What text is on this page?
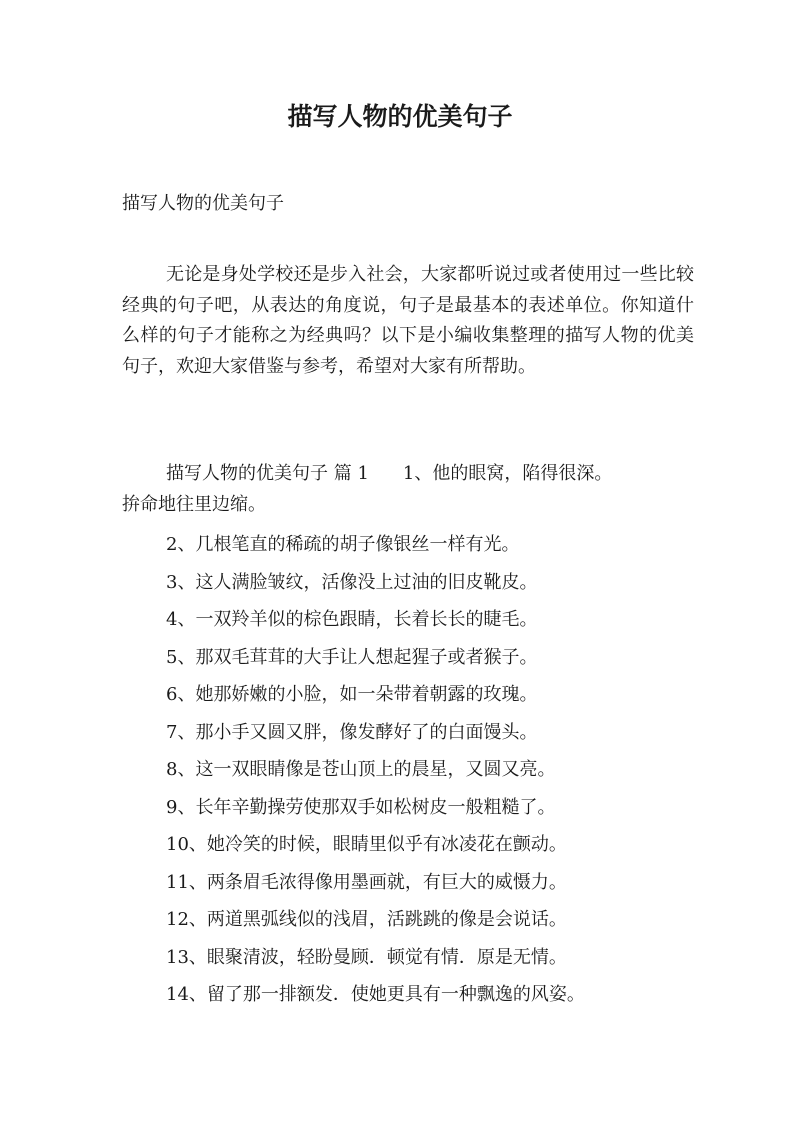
描写人物的优美句子

描写人物的优美句子

无论是身处学校还是步入社会，大家都听说过或者使用过一些比较经典的句子吧，从表达的角度说，句子是最基本的表述单位。你知道什么样的句子才能称之为经典吗？以下是小编收集整理的描写人物的优美句子，欢迎大家借鉴与参考，希望对大家有所帮助。

描写人物的优美句子 篇 1 1、他的眼窝，陷得很深。
拚命地往里边缩。

2、几根笔直的稀疏的胡子像银丝一样有光。
3、这人满脸皱纹，活像没上过油的旧皮靴皮。
4、一双羚羊似的棕色跟睛，长着长长的睫毛。
5、那双毛茸茸的大手让人想起猩子或者猴子。
6、她那娇嫩的小脸，如一朵带着朝露的玫瑰。
7、那小手又圆又胖，像发酵好了的白面馒头。
8、这一双眼睛像是苍山顶上的晨星，又圆又亮。
9、长年辛勤操劳使那双手如松树皮一般粗糙了。
10、她冷笑的时候，眼睛里似乎有冰凌花在颤动。
11、两条眉毛浓得像用墨画就，有巨大的威慑力。
12、两道黑弧线似的浅眉，活跳跳的像是会说话。
13、眼聚清波，轻盼曼顾．顿觉有情．原是无情。
14、留了那一排额发．使她更具有一种飘逸的风姿。
